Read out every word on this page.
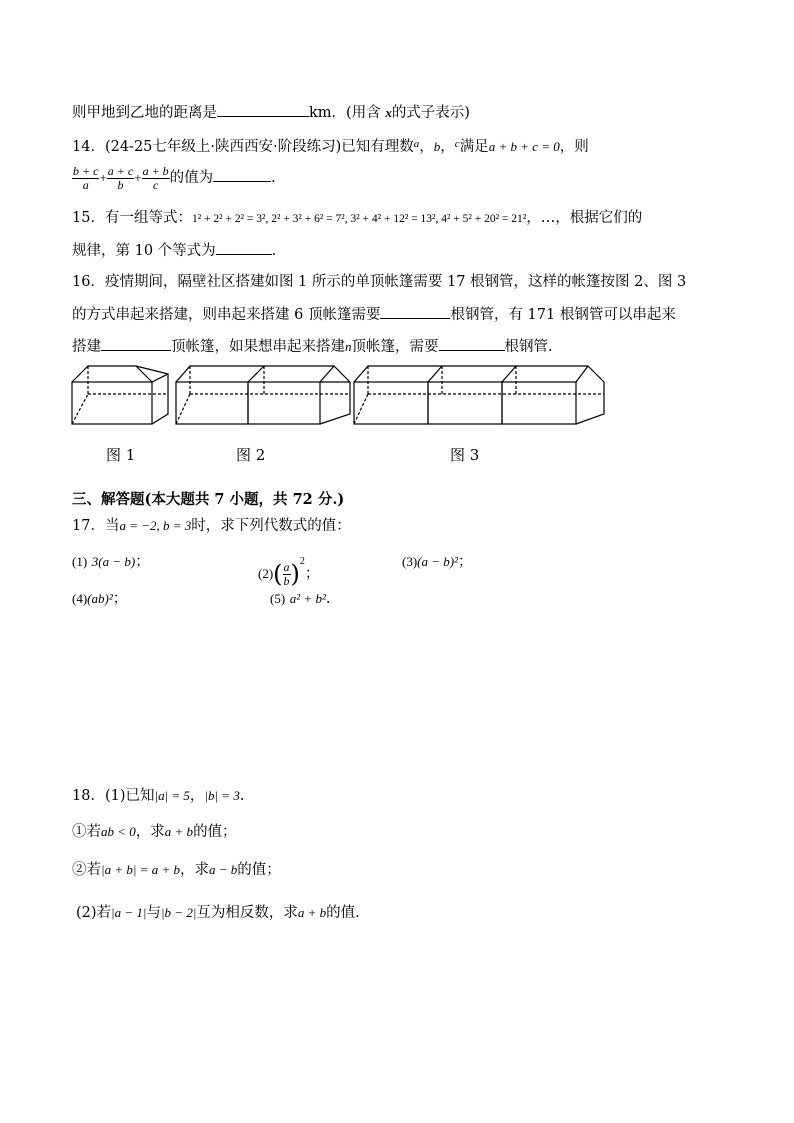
则甲地到乙地的距离是	km．(用含 x的式子表示)
14．(24-25七年级上·陕西西安·阶段练习)已知有理数$^a$，b，$^c$满足a + b + c = 0，则
$\frac{b + c}{a} + \frac{a + c}{b} + \frac{a + b}{c}$ 的值为	.
15．有一组等式：1² + 2² + 2² = 3², 2² + 3² + 6² = 7², 3² + 4² + 12² = 13², 4² + 5² + 20² = 21²，…，根据它们的
规律，第 10 个等式为	.
16．疫情期间，隔壁社区搭建如图 1 所示的单顶帐篷需要 17 根钢管，这样的帐篷按图 2、图 3
的方式串起来搭建，则串起来搭建 6 顶帐篷需要	根钢管，有 171 根钢管可以串起来
搭建	顶帐篷，如果想串起来搭建n顶帐篷，需要	根钢管.
图 1	图 2	图 3
三、解答题(本大题共 7 小题，共 72 分.)
17．当a = −2, b = 3时，求下列代数式的值：
(1) 3(a − b)；
$(2)( \frac{a}{b} )^2$；
(3)(a − b)²；
(4)(ab)²；	(5) a² + b².
18．(1)已知|a| = 5，|b| = 3.
①若ab < 0，求a + b的值；
②若|a + b| = a + b，求a − b的值；
(2)若|a − 1|与|b − 2|互为相反数，求a + b的值.
